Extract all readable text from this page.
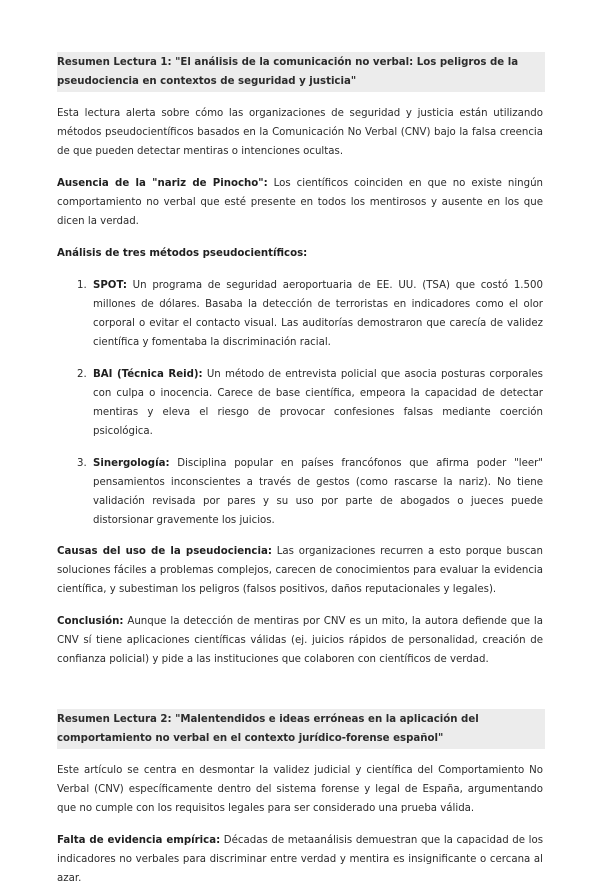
Resumen Lectura 1: "El análisis de la comunicación no verbal: Los peligros de la pseudociencia en contextos de seguridad y justicia"

Esta lectura alerta sobre cómo las organizaciones de seguridad y justicia están utilizando métodos pseudocientíficos basados en la Comunicación No Verbal (CNV) bajo la falsa creencia de que pueden detectar mentiras o intenciones ocultas.

Ausencia de la "nariz de Pinocho": Los científicos coinciden en que no existe ningún comportamiento no verbal que esté presente en todos los mentirosos y ausente en los que dicen la verdad.

Análisis de tres métodos pseudocientíficos:

1. SPOT: Un programa de seguridad aeroportuaria de EE. UU. (TSA) que costó 1.500 millones de dólares. Basaba la detección de terroristas en indicadores como el olor corporal o evitar el contacto visual. Las auditorías demostraron que carecía de validez científica y fomentaba la discriminación racial.
2. BAI (Técnica Reid): Un método de entrevista policial que asocia posturas corporales con culpa o inocencia. Carece de base científica, empeora la capacidad de detectar mentiras y eleva el riesgo de provocar confesiones falsas mediante coerción psicológica.
3. Sinergología: Disciplina popular en países francófonos que afirma poder "leer" pensamientos inconscientes a través de gestos (como rascarse la nariz). No tiene validación revisada por pares y su uso por parte de abogados o jueces puede distorsionar gravemente los juicios.

Causas del uso de la pseudociencia: Las organizaciones recurren a esto porque buscan soluciones fáciles a problemas complejos, carecen de conocimientos para evaluar la evidencia científica, y subestiman los peligros (falsos positivos, daños reputacionales y legales).

Conclusión: Aunque la detección de mentiras por CNV es un mito, la autora defiende que la CNV sí tiene aplicaciones científicas válidas (ej. juicios rápidos de personalidad, creación de confianza policial) y pide a las instituciones que colaboren con científicos de verdad.

Resumen Lectura 2: "Malentendidos e ideas erróneas en la aplicación del comportamiento no verbal en el contexto jurídico-forense español"

Este artículo se centra en desmontar la validez judicial y científica del Comportamiento No Verbal (CNV) específicamente dentro del sistema forense y legal de España, argumentando que no cumple con los requisitos legales para ser considerado una prueba válida.

Falta de evidencia empírica: Décadas de metaanálisis demuestran que la capacidad de los indicadores no verbales para discriminar entre verdad y mentira es insignificante o cercana al azar.
